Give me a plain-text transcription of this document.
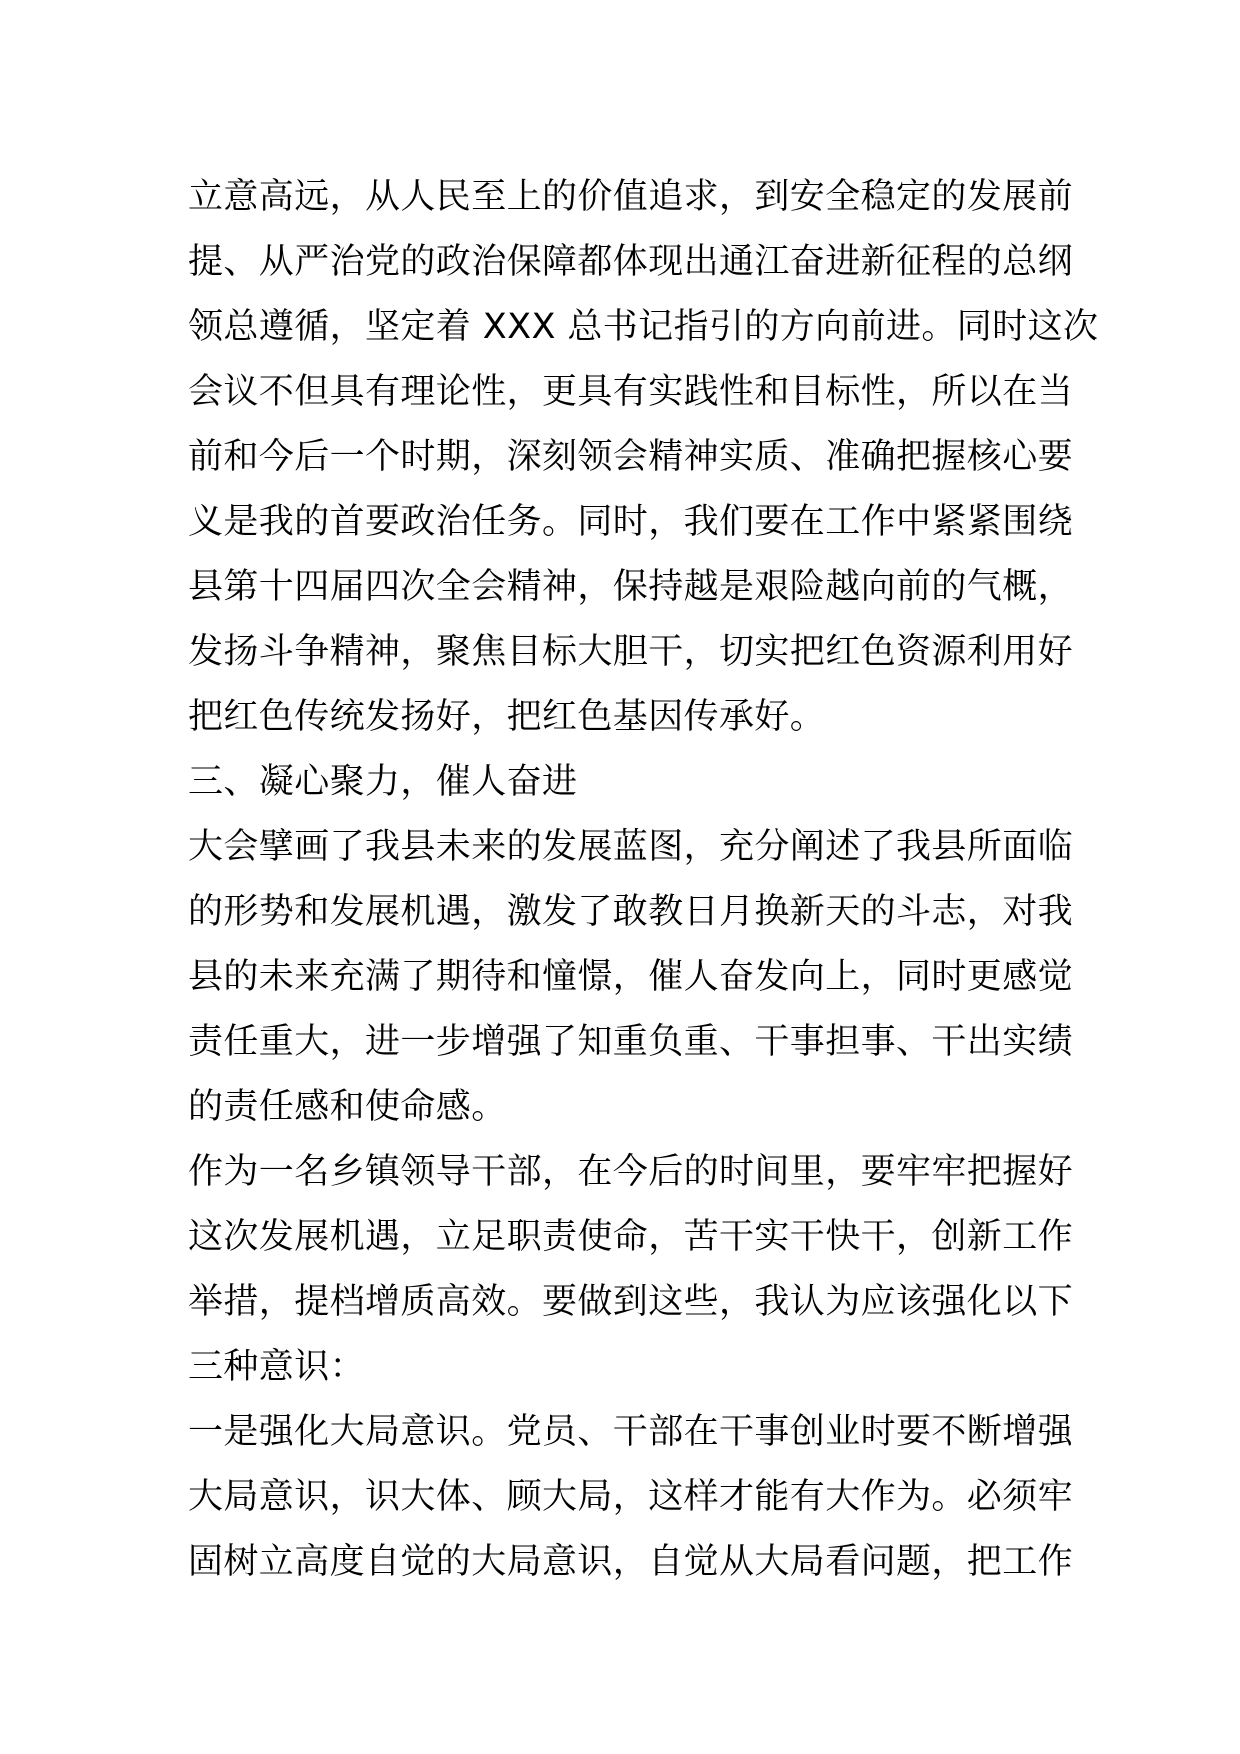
立意高远，从人民至上的价值追求，到安全稳定的发展前
提、从严治党的政治保障都体现出通江奋进新征程的总纲
领总遵循，坚定着 XXX 总书记指引的方向前进。同时这次
会议不但具有理论性，更具有实践性和目标性，所以在当
前和今后一个时期，深刻领会精神实质、准确把握核心要
义是我的首要政治任务。同时，我们要在工作中紧紧围绕
县第十四届四次全会精神，保持越是艰险越向前的气概，
发扬斗争精神，聚焦目标大胆干，切实把红色资源利用好
把红色传统发扬好，把红色基因传承好。
三、凝心聚力，催人奋进
大会擘画了我县未来的发展蓝图，充分阐述了我县所面临
的形势和发展机遇，激发了敢教日月换新天的斗志，对我
县的未来充满了期待和憧憬，催人奋发向上，同时更感觉
责任重大，进一步增强了知重负重、干事担事、干出实绩
的责任感和使命感。
作为一名乡镇领导干部，在今后的时间里，要牢牢把握好
这次发展机遇，立足职责使命，苦干实干快干，创新工作
举措，提档增质高效。要做到这些，我认为应该强化以下
三种意识：
一是强化大局意识。党员、干部在干事创业时要不断增强
大局意识，识大体、顾大局，这样才能有大作为。必须牢
固树立高度自觉的大局意识，自觉从大局看问题，把工作
